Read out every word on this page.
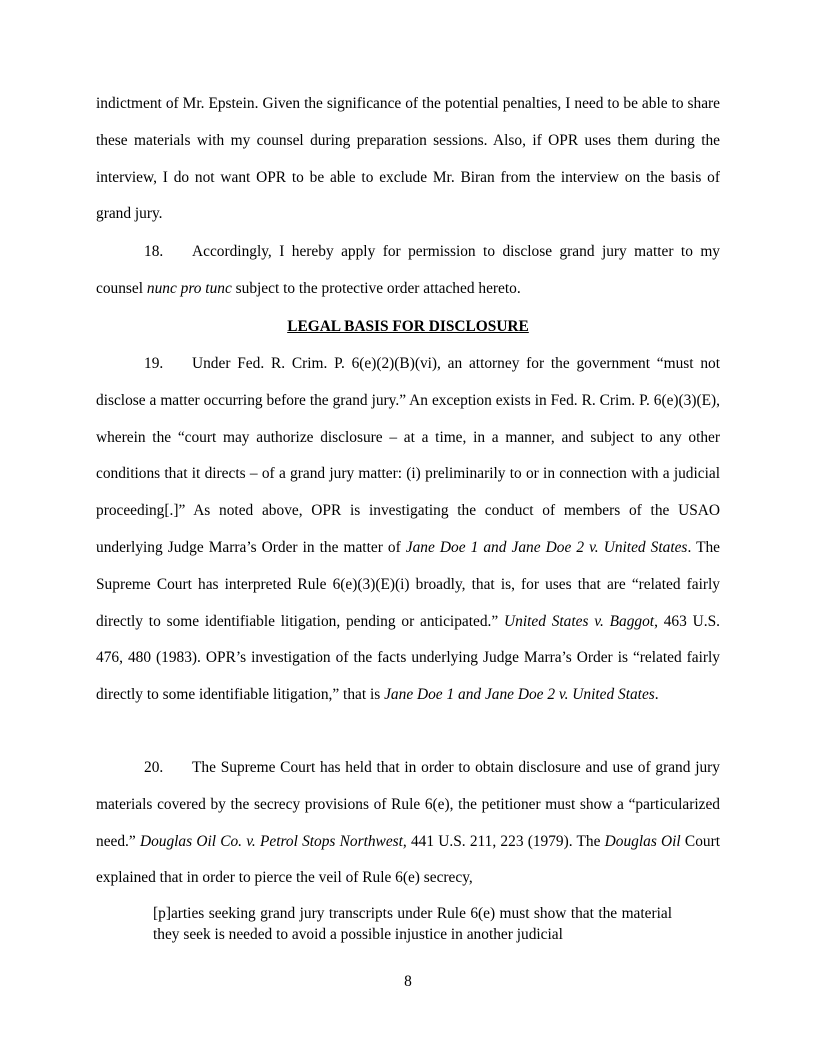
indictment of Mr. Epstein. Given the significance of the potential penalties, I need to be able to share these materials with my counsel during preparation sessions. Also, if OPR uses them during the interview, I do not want OPR to be able to exclude Mr. Biran from the interview on the basis of grand jury.
18. Accordingly, I hereby apply for permission to disclose grand jury matter to my counsel nunc pro tunc subject to the protective order attached hereto.
LEGAL BASIS FOR DISCLOSURE
19. Under Fed. R. Crim. P. 6(e)(2)(B)(vi), an attorney for the government “must not disclose a matter occurring before the grand jury.” An exception exists in Fed. R. Crim. P. 6(e)(3)(E), wherein the “court may authorize disclosure – at a time, in a manner, and subject to any other conditions that it directs – of a grand jury matter: (i) preliminarily to or in connection with a judicial proceeding[.]” As noted above, OPR is investigating the conduct of members of the USAO underlying Judge Marra’s Order in the matter of Jane Doe 1 and Jane Doe 2 v. United States. The Supreme Court has interpreted Rule 6(e)(3)(E)(i) broadly, that is, for uses that are “related fairly directly to some identifiable litigation, pending or anticipated.” United States v. Baggot, 463 U.S. 476, 480 (1983). OPR’s investigation of the facts underlying Judge Marra’s Order is “related fairly directly to some identifiable litigation,” that is Jane Doe 1 and Jane Doe 2 v. United States.
20. The Supreme Court has held that in order to obtain disclosure and use of grand jury materials covered by the secrecy provisions of Rule 6(e), the petitioner must show a “particularized need.” Douglas Oil Co. v. Petrol Stops Northwest, 441 U.S. 211, 223 (1979). The Douglas Oil Court explained that in order to pierce the veil of Rule 6(e) secrecy,
[p]arties seeking grand jury transcripts under Rule 6(e) must show that the material they seek is needed to avoid a possible injustice in another judicial
8
